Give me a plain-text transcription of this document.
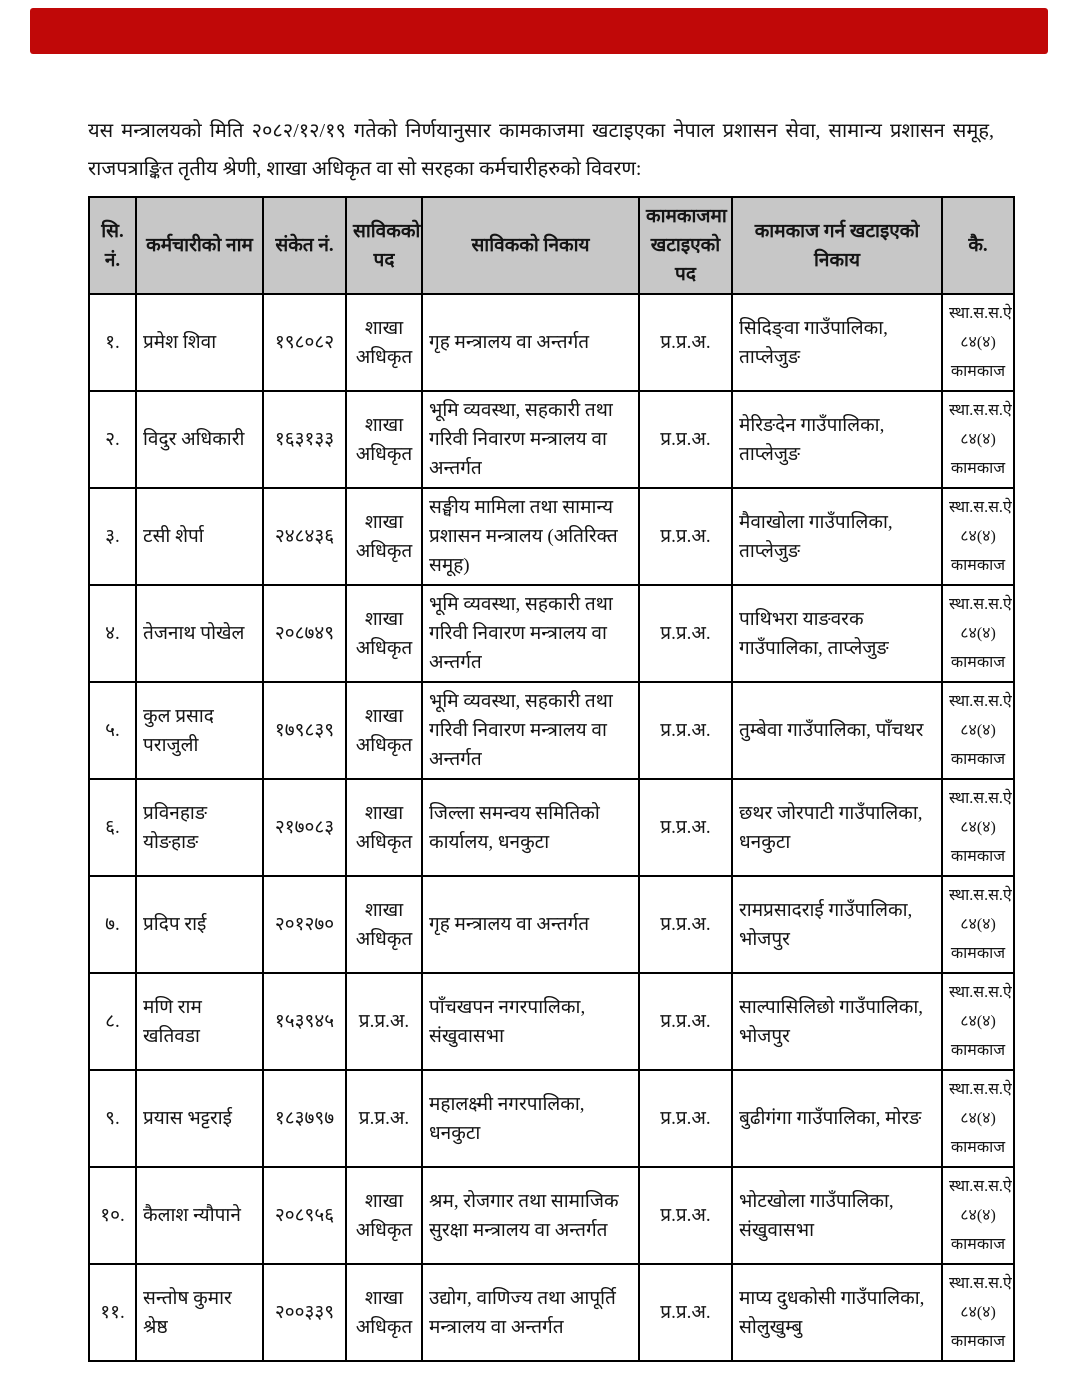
यस मन्त्रालयको मिति २०८२/१२/१९ गतेको निर्णयानुसार कामकाजमा खटाइएका नेपाल प्रशासन सेवा, सामान्य प्रशासन समूह, राजपत्राङ्कित तृतीय श्रेणी, शाखा अधिकृत वा सो सरहका कर्मचारीहरुको विवरण:
सि. नं.	कर्मचारीको नाम	संकेत नं.	साविकको पद	साविकको निकाय	कामकाजमा खटाइएको पद	कामकाज गर्न खटाइएको निकाय	कै.
१.	प्रमेश शिवा	१९८०८२	शाखा अधिकृत	गृह मन्त्रालय वा अन्तर्गत	प्र.प्र.अ.	सिदिङ्वा गाउँपालिका, ताप्लेजुङ	स्था.स.स.ऐ ८४(४) कामकाज
२.	विदुर अधिकारी	१६३१३३	शाखा अधिकृत	भूमि व्यवस्था, सहकारी तथा गरिवी निवारण मन्त्रालय वा अन्तर्गत	प्र.प्र.अ.	मेरिङदेन गाउँपालिका, ताप्लेजुङ	स्था.स.स.ऐ ८४(४) कामकाज
३.	टसी शेर्पा	२४८४३६	शाखा अधिकृत	सङ्घीय मामिला तथा सामान्य प्रशासन मन्त्रालय (अतिरिक्त समूह)	प्र.प्र.अ.	मैवाखोला गाउँपालिका, ताप्लेजुङ	स्था.स.स.ऐ ८४(४) कामकाज
४.	तेजनाथ पोखेल	२०८७४९	शाखा अधिकृत	भूमि व्यवस्था, सहकारी तथा गरिवी निवारण मन्त्रालय वा अन्तर्गत	प्र.प्र.अ.	पाथिभरा याङवरक गाउँपालिका, ताप्लेजुङ	स्था.स.स.ऐ ८४(४) कामकाज
५.	कुल प्रसाद पराजुली	१७९८३९	शाखा अधिकृत	भूमि व्यवस्था, सहकारी तथा गरिवी निवारण मन्त्रालय वा अन्तर्गत	प्र.प्र.अ.	तुम्बेवा गाउँपालिका, पाँचथर	स्था.स.स.ऐ ८४(४) कामकाज
६.	प्रविनहाङ योङहाङ	२१७०८३	शाखा अधिकृत	जिल्ला समन्वय समितिको कार्यालय, धनकुटा	प्र.प्र.अ.	छथर जोरपाटी गाउँपालिका, धनकुटा	स्था.स.स.ऐ ८४(४) कामकाज
७.	प्रदिप राई	२०१२७०	शाखा अधिकृत	गृह मन्त्रालय वा अन्तर्गत	प्र.प्र.अ.	रामप्रसादराई गाउँपालिका, भोजपुर	स्था.स.स.ऐ ८४(४) कामकाज
८.	मणि राम खतिवडा	१५३९४५	प्र.प्र.अ.	पाँचखपन नगरपालिका, संखुवासभा	प्र.प्र.अ.	साल्पासिलिछो गाउँपालिका, भोजपुर	स्था.स.स.ऐ ८४(४) कामकाज
९.	प्रयास भट्टराई	१८३७९७	प्र.प्र.अ.	महालक्ष्मी नगरपालिका, धनकुटा	प्र.प्र.अ.	बुढीगंगा गाउँपालिका, मोरङ	स्था.स.स.ऐ ८४(४) कामकाज
१०.	कैलाश न्यौपाने	२०८९५६	शाखा अधिकृत	श्रम, रोजगार तथा सामाजिक सुरक्षा मन्त्रालय वा अन्तर्गत	प्र.प्र.अ.	भोटखोला गाउँपालिका, संखुवासभा	स्था.स.स.ऐ ८४(४) कामकाज
११.	सन्तोष कुमार श्रेष्ठ	२००३३९	शाखा अधिकृत	उद्योग, वाणिज्य तथा आपूर्ति मन्त्रालय वा अन्तर्गत	प्र.प्र.अ.	माप्य दुधकोसी गाउँपालिका, सोलुखुम्बु	स्था.स.स.ऐ ८४(४) कामकाज
